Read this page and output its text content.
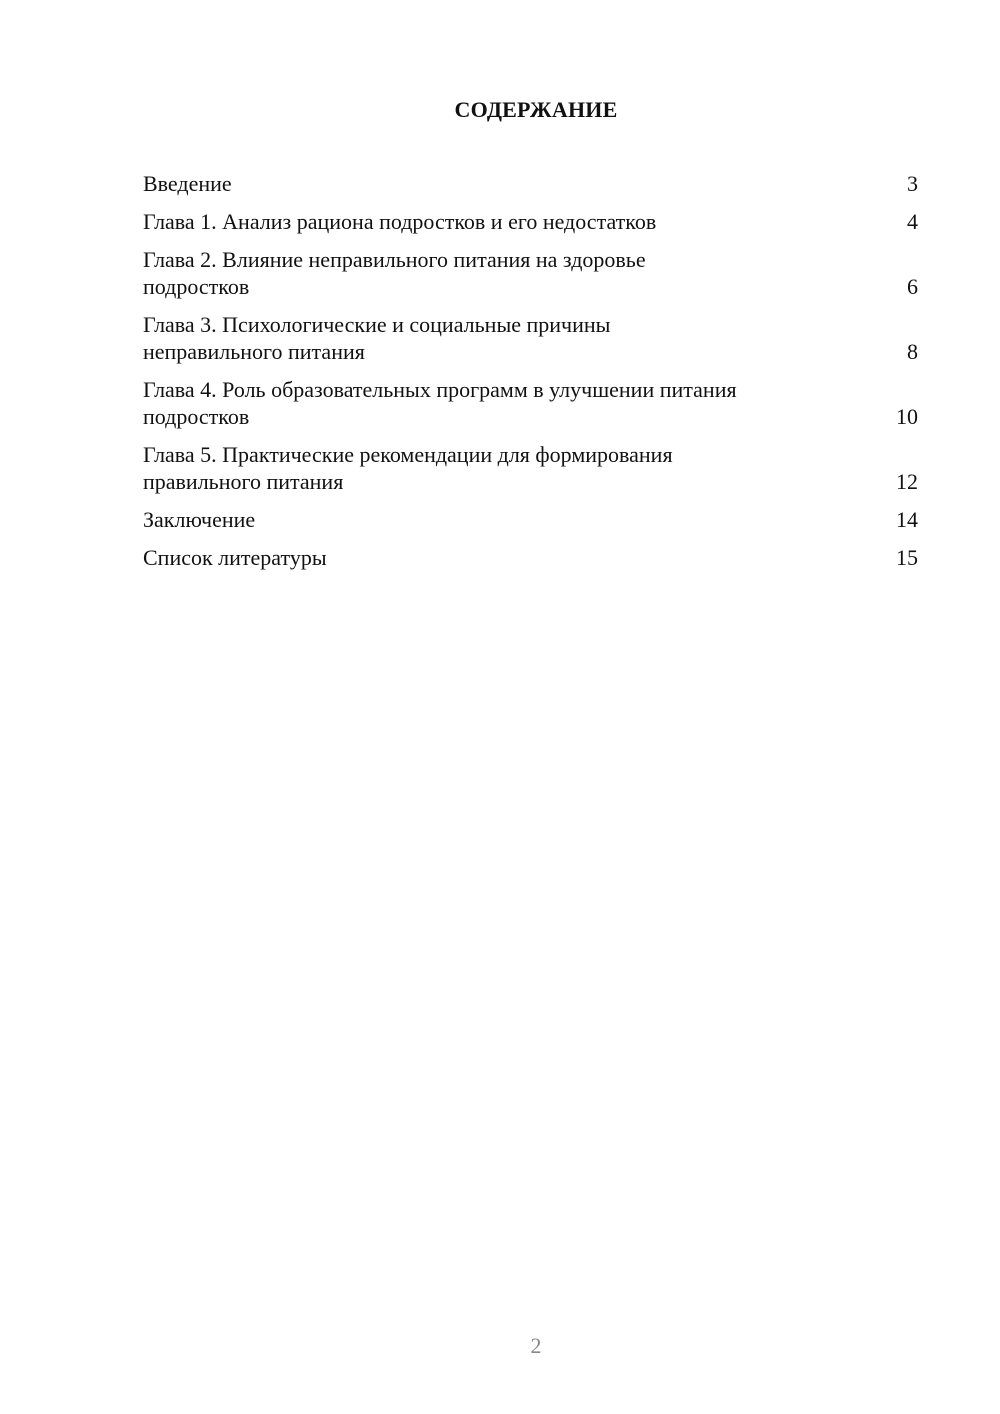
СОДЕРЖАНИЕ
Введение	3
Глава 1. Анализ рациона подростков и его недостатков	4
Глава 2. Влияние неправильного питания на здоровье
подростков	6
Глава 3. Психологические и социальные причины
неправильного питания	8
Глава 4. Роль образовательных программ в улучшении питания
подростков	10
Глава 5. Практические рекомендации для формирования
правильного питания	12
Заключение	14
Список литературы	15
2
